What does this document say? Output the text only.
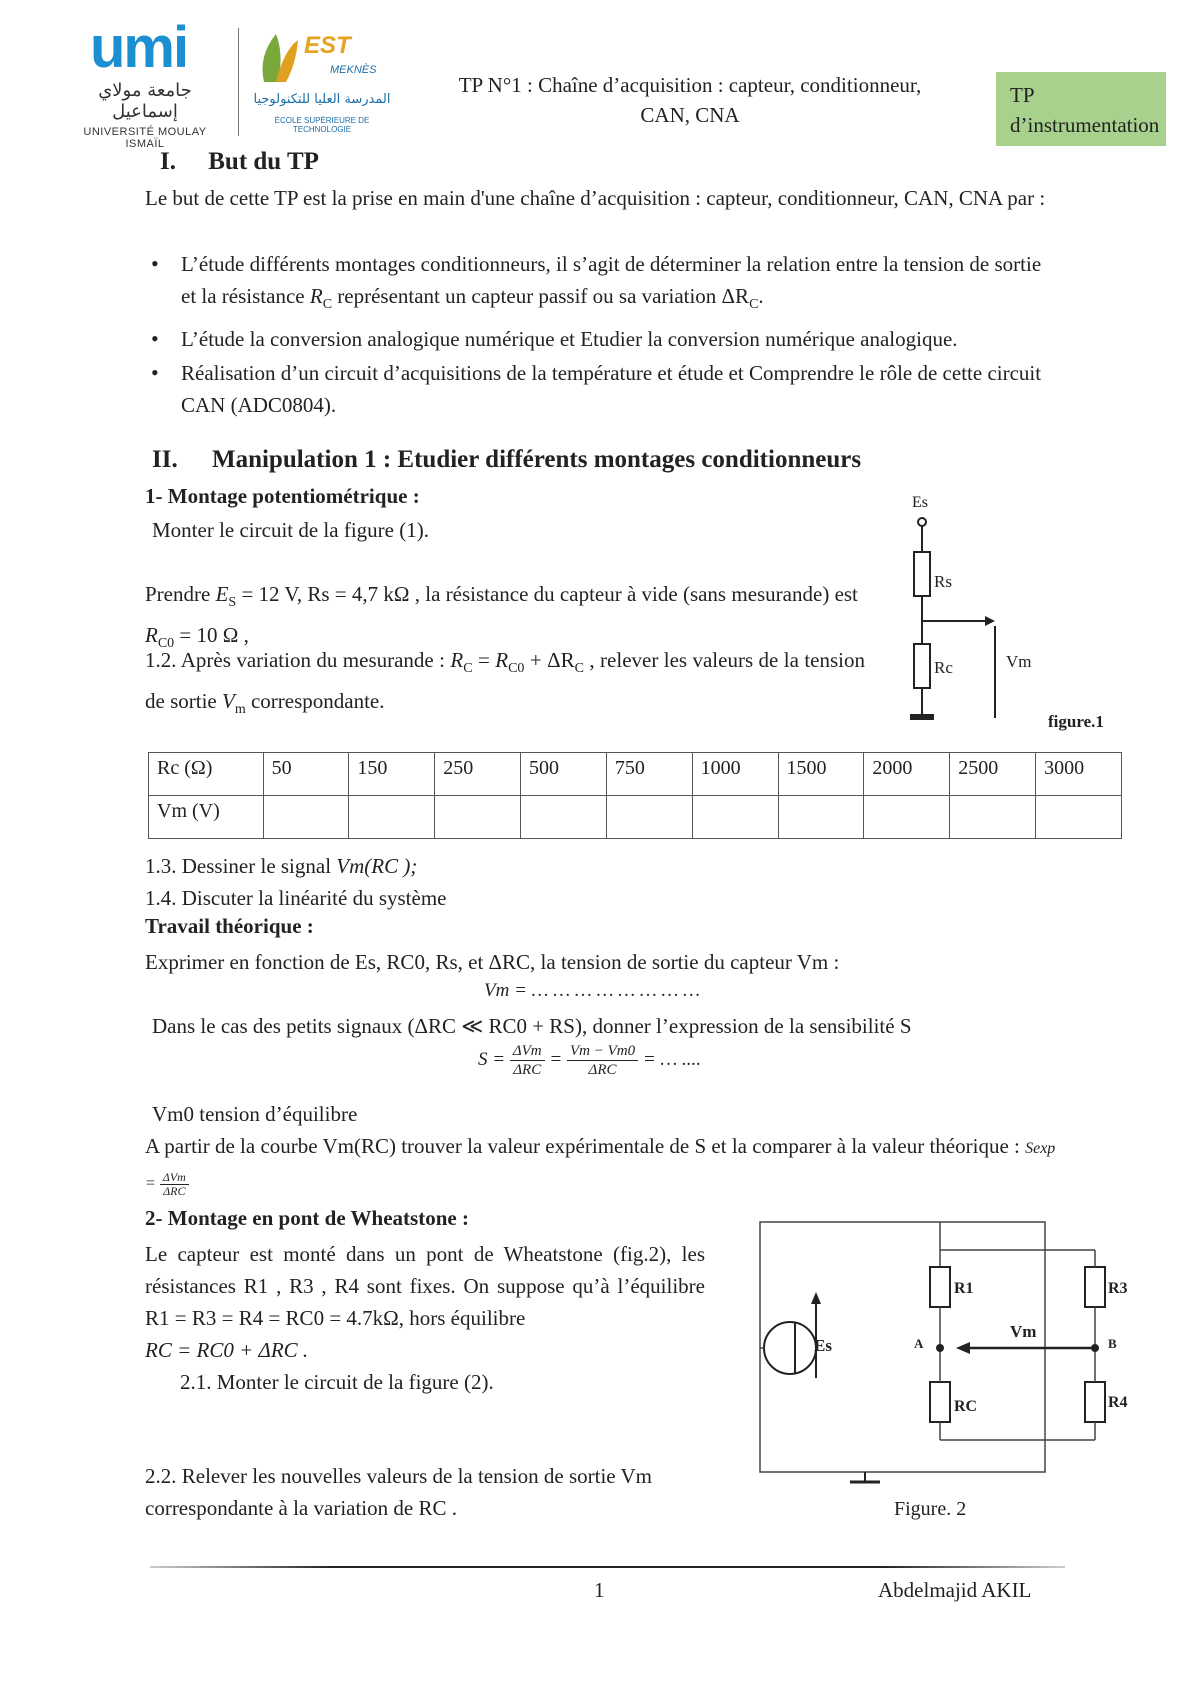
umi
جامعة مولاي إسماعيل
UNIVERSITÉ MOULAY ISMAÏL
EST
MEKNÈS
المدرسة العليا للتكنولوجيا
ÉCOLE SUPÉRIEURE DE TECHNOLOGIE
TP N°1 : Chaîne d’acquisition : capteur, conditionneur,
CAN, CNA
TP
d’instrumentation
I. But du TP
Le but de cette TP est la prise en main d'une chaîne d’acquisition : capteur, conditionneur, CAN, CNA par :
• L’étude différents montages conditionneurs, il s’agit de déterminer la relation entre la tension de sortie et la résistance $R_C$ représentant un capteur passif ou sa variation $\Delta R_C$.
• L’étude la conversion analogique numérique et Etudier la conversion numérique analogique.
• Réalisation d’un circuit d’acquisitions de la température et étude et Comprendre le rôle de cette circuit CAN (ADC0804).
II. Manipulation 1 : Etudier différents montages conditionneurs
1- Montage potentiométrique :
Monter le circuit de la figure (1).
Prendre $E_S = 12$ V, Rs = 4,7 kΩ , la résistance du capteur à vide (sans mesurande) est $R_{C0} = 10$ Ω ,
1.2. Après variation du mesurande : $R_C = R_{C0} + \Delta R_C$ , relever les valeurs de la tension de sortie $V_m$ correspondante.
Es
Rs
Rc	Vm
figure.1
Rc (Ω)	50	150	250	500	750	1000	1500	2000	2500	3000
Vm (V)										
1.3. Dessiner le signal Vm(RC );
1.4. Discuter la linéarité du système
Travail théorique :
Exprimer en fonction de Es, RC0, Rs, et ΔRC, la tension de sortie du capteur Vm :
Vm = … … … … … … … …
Dans le cas des petits signaux (ΔRC ≪ RC0 + RS), donner l’expression de la sensibilité S
$S = \frac{\text{ΔVm}}{\text{ΔRC}} = \frac{Vm - Vm0}{\text{ΔRC}}$ = … ....
Vm0 tension d’équilibre
A partir de la courbe Vm(RC) trouver la valeur expérimentale de S et la comparer à la valeur théorique : $Sexp = \frac{\text{ΔVm}}{\text{ΔRC}}$
2- Montage en pont de Wheatstone :
Le capteur est monté dans un pont de Wheatstone (fig.2), les résistances R1 , R3 , R4 sont fixes. On suppose qu’à l’équilibre R1 = R3 = R4 = RC0 = 4.7kΩ, hors équilibre
RC = RC0 + ΔRC .
2.1. Monter le circuit de la figure (2).
2.2. Relever les nouvelles valeurs de la tension de sortie Vm correspondante à la variation de RC .
R1	R3
RC	R4
Es	A	B
Vm
Figure. 2
1	Abdelmajid AKIL
